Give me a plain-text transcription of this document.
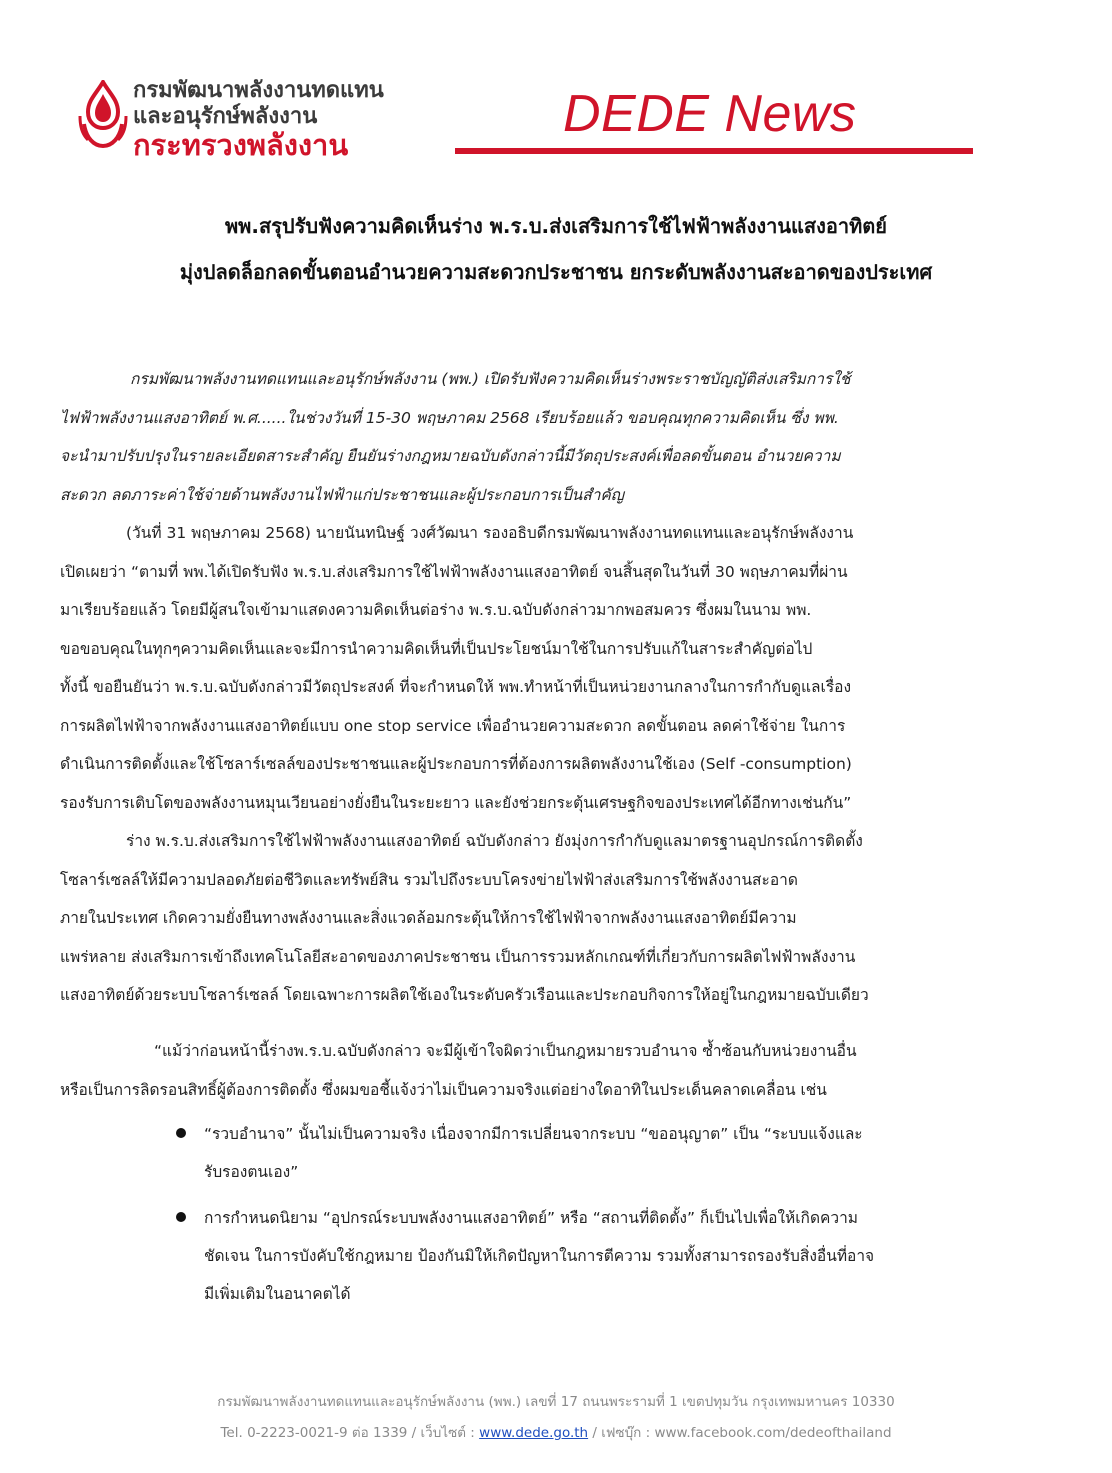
กรมพัฒนาพลังงานทดแทน
และอนุรักษ์พลังงาน
กระทรวงพลังงาน
DEDE News
พพ.สรุปรับฟังความคิดเห็นร่าง พ.ร.บ.ส่งเสริมการใช้ไฟฟ้าพลังงานแสงอาทิตย์
มุ่งปลดล็อกลดขั้นตอนอำนวยความสะดวกประชาชน ยกระดับพลังงานสะอาดของประเทศ
กรมพัฒนาพลังงานทดแทนและอนุรักษ์พลังงาน (พพ.) เปิดรับฟังความคิดเห็นร่างพระราชบัญญัติส่งเสริมการใช้
ไฟฟ้าพลังงานแสงอาทิตย์ พ.ศ......ในช่วงวันที่ 15-30 พฤษภาคม 2568 เรียบร้อยแล้ว ขอบคุณทุกความคิดเห็น ซึ่ง พพ.
จะนำมาปรับปรุงในรายละเอียดสาระสำคัญ ยืนยันร่างกฎหมายฉบับดังกล่าวนี้มีวัตถุประสงค์เพื่อลดขั้นตอน อำนวยความ
สะดวก ลดภาระค่าใช้จ่ายด้านพลังงานไฟฟ้าแก่ประชาชนและผู้ประกอบการเป็นสำคัญ
(วันที่ 31 พฤษภาคม 2568) นายนันทนิษฐ์ วงศ์วัฒนา รองอธิบดีกรมพัฒนาพลังงานทดแทนและอนุรักษ์พลังงาน
เปิดเผยว่า “ตามที่ พพ.ได้เปิดรับฟัง พ.ร.บ.ส่งเสริมการใช้ไฟฟ้าพลังงานแสงอาทิตย์ จนสิ้นสุดในวันที่ 30 พฤษภาคมที่ผ่าน
มาเรียบร้อยแล้ว โดยมีผู้สนใจเข้ามาแสดงความคิดเห็นต่อร่าง พ.ร.บ.ฉบับดังกล่าวมากพอสมควร ซึ่งผมในนาม พพ.
ขอขอบคุณในทุกๆความคิดเห็นและจะมีการนำความคิดเห็นที่เป็นประโยชน์มาใช้ในการปรับแก้ในสาระสำคัญต่อไป
ทั้งนี้ ขอยืนยันว่า พ.ร.บ.ฉบับดังกล่าวมีวัตถุประสงค์ ที่จะกำหนดให้ พพ.ทำหน้าที่เป็นหน่วยงานกลางในการกำกับดูแลเรื่อง
การผลิตไฟฟ้าจากพลังงานแสงอาทิตย์แบบ one stop service เพื่ออำนวยความสะดวก ลดขั้นตอน ลดค่าใช้จ่าย ในการ
ดำเนินการติดตั้งและใช้โซลาร์เซลล์ของประชาชนและผู้ประกอบการที่ต้องการผลิตพลังงานใช้เอง (Self -consumption)
รองรับการเติบโตของพลังงานหมุนเวียนอย่างยั่งยืนในระยะยาว และยังช่วยกระตุ้นเศรษฐกิจของประเทศได้อีกทางเช่นกัน”
ร่าง พ.ร.บ.ส่งเสริมการใช้ไฟฟ้าพลังงานแสงอาทิตย์ ฉบับดังกล่าว ยังมุ่งการกำกับดูแลมาตรฐานอุปกรณ์การติดตั้ง
โซลาร์เซลล์ให้มีความปลอดภัยต่อชีวิตและทรัพย์สิน รวมไปถึงระบบโครงข่ายไฟฟ้าส่งเสริมการใช้พลังงานสะอาด
ภายในประเทศ เกิดความยั่งยืนทางพลังงานและสิ่งแวดล้อมกระตุ้นให้การใช้ไฟฟ้าจากพลังงานแสงอาทิตย์มีความ
แพร่หลาย ส่งเสริมการเข้าถึงเทคโนโลยีสะอาดของภาคประชาชน เป็นการรวมหลักเกณฑ์ที่เกี่ยวกับการผลิตไฟฟ้าพลังงาน
แสงอาทิตย์ด้วยระบบโซลาร์เซลล์ โดยเฉพาะการผลิตใช้เองในระดับครัวเรือนและประกอบกิจการให้อยู่ในกฎหมายฉบับเดียว
“แม้ว่าก่อนหน้านี้ร่างพ.ร.บ.ฉบับดังกล่าว จะมีผู้เข้าใจผิดว่าเป็นกฎหมายรวบอำนาจ ซ้ำซ้อนกับหน่วยงานอื่น
หรือเป็นการลิดรอนสิทธิ์ผู้ต้องการติดตั้ง ซึ่งผมขอชี้แจ้งว่าไม่เป็นความจริงแต่อย่างใดอาทิในประเด็นคลาดเคลื่อน เช่น
“รวบอำนาจ” นั้นไม่เป็นความจริง เนื่องจากมีการเปลี่ยนจากระบบ “ขออนุญาต” เป็น “ระบบแจ้งและ
รับรองตนเอง”
การกำหนดนิยาม “อุปกรณ์ระบบพลังงานแสงอาทิตย์” หรือ “สถานที่ติดตั้ง” ก็เป็นไปเพื่อให้เกิดความ
ชัดเจน ในการบังคับใช้กฎหมาย ป้องกันมิให้เกิดปัญหาในการตีความ รวมทั้งสามารถรองรับสิ่งอื่นที่อาจ
มีเพิ่มเติมในอนาคตได้
กรมพัฒนาพลังงานทดแทนและอนุรักษ์พลังงาน (พพ.) เลขที่ 17 ถนนพระรามที่ 1 เขตปทุมวัน กรุงเทพมหานคร 10330
Tel. 0-2223-0021-9 ต่อ 1339 / เว็บไซต์ : www.dede.go.th / เฟซบุ๊ก : www.facebook.com/dedeofthailand
